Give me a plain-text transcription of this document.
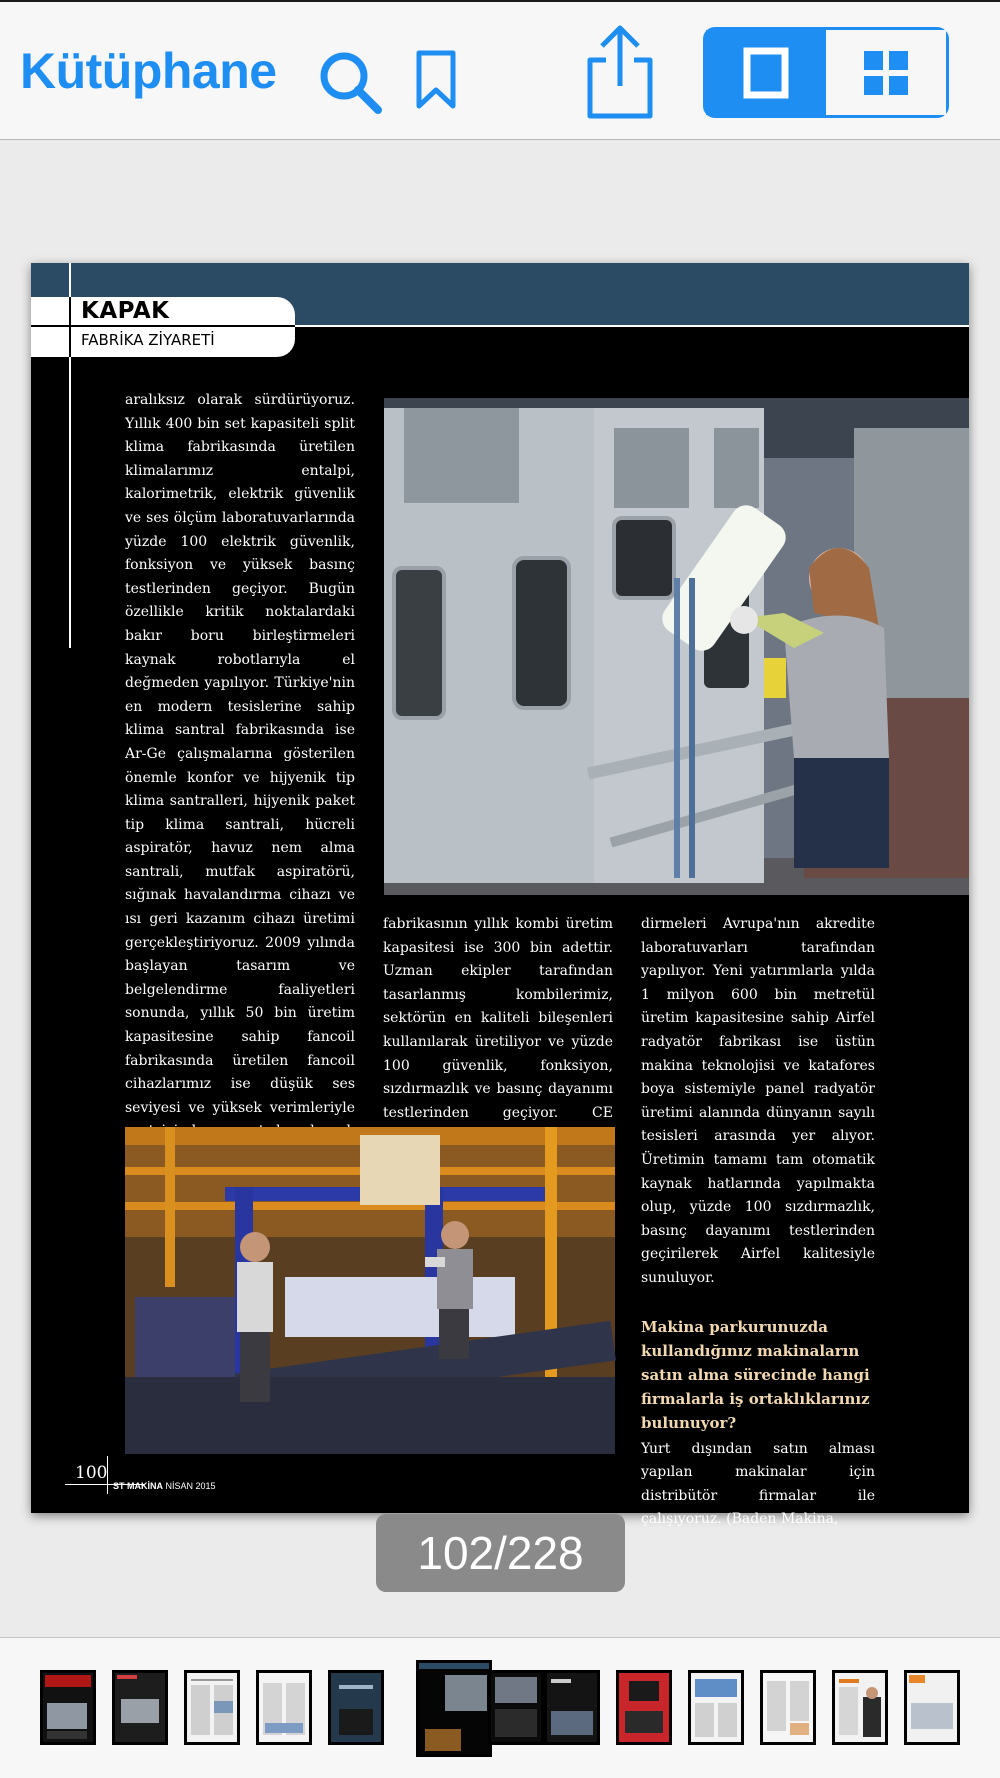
Kütüphane
KAPAK
FABRİKA ZİYARETİ
aralıksız olarak sürdürüyoruz. Yıllık 400 bin set kapasiteli split klima fabrikasında üretilen klimalarımız entalpi, kalorimetrik, elektrik güvenlik ve ses ölçüm laboratuvarlarında yüzde 100 elektrik güvenlik, fonksiyon ve yüksek basınç testlerinden geçiyor. Bugün özellikle kritik noktalardaki bakır boru birleştirmeleri kaynak robotlarıyla el değmeden yapılıyor. Türkiye'nin en modern tesislerine sahip klima santral fabrikasında ise Ar-Ge çalışmalarına gösterilen önemle konfor ve hijyenik tip klima santralleri, hijyenik paket tip klima santrali, hücreli aspiratör, havuz nem alma santrali, mutfak aspiratörü, sığınak havalandırma cihazı ve ısı geri kazanım cihazı üretimi gerçekleştiriyoruz. 2009 yılında başlayan tasarım ve belgelendirme faaliyetleri sonunda, yıllık 50 bin üretim kapasitesine sahip fancoil fabrikasında üretilen fancoil cihazlarımız ise düşük ses seviyesi ve yüksek verimleriyle
fabrikasının yıllık kombi üretim kapasitesi ise 300 bin adettir. Uzman ekipler tarafından tasarlanmış kombilerimiz, sektörün en kaliteli bileşenleri kullanılarak üretiliyor ve yüzde 100 güvenlik, fonksiyon, sızdırmazlık ve basınç dayanımı testlerinden geçiyor. CE
dirmeleri Avrupa'nın akredite laboratuvarları tarafından yapılıyor. Yeni yatırımlarla yılda 1 milyon 600 bin metretül üretim kapasitesine sahip Airfel radyatör fabrikası ise üstün makina teknolojisi ve katafores boya sistemiyle panel radyatör üretimi alanında dünyanın sayılı tesisleri arasında yer alıyor. Üretimin tamamı tam otomatik kaynak hatlarında yapılmakta olup, yüzde 100 sızdırmazlık, basınç dayanımı testlerinden geçirilerek Airfel kalitesiyle sunuluyor.
Makina parkurunuzda kullandığınız makinaların satın alma sürecinde hangi firmalarla iş ortaklıklarınız bulunuyor?
Yurt dışından satın alması yapılan makinalar için distribütör firmalar ile çalışıyoruz. (Baden Makina,
100
ST MAKİNA NİSAN 2015
102/228
